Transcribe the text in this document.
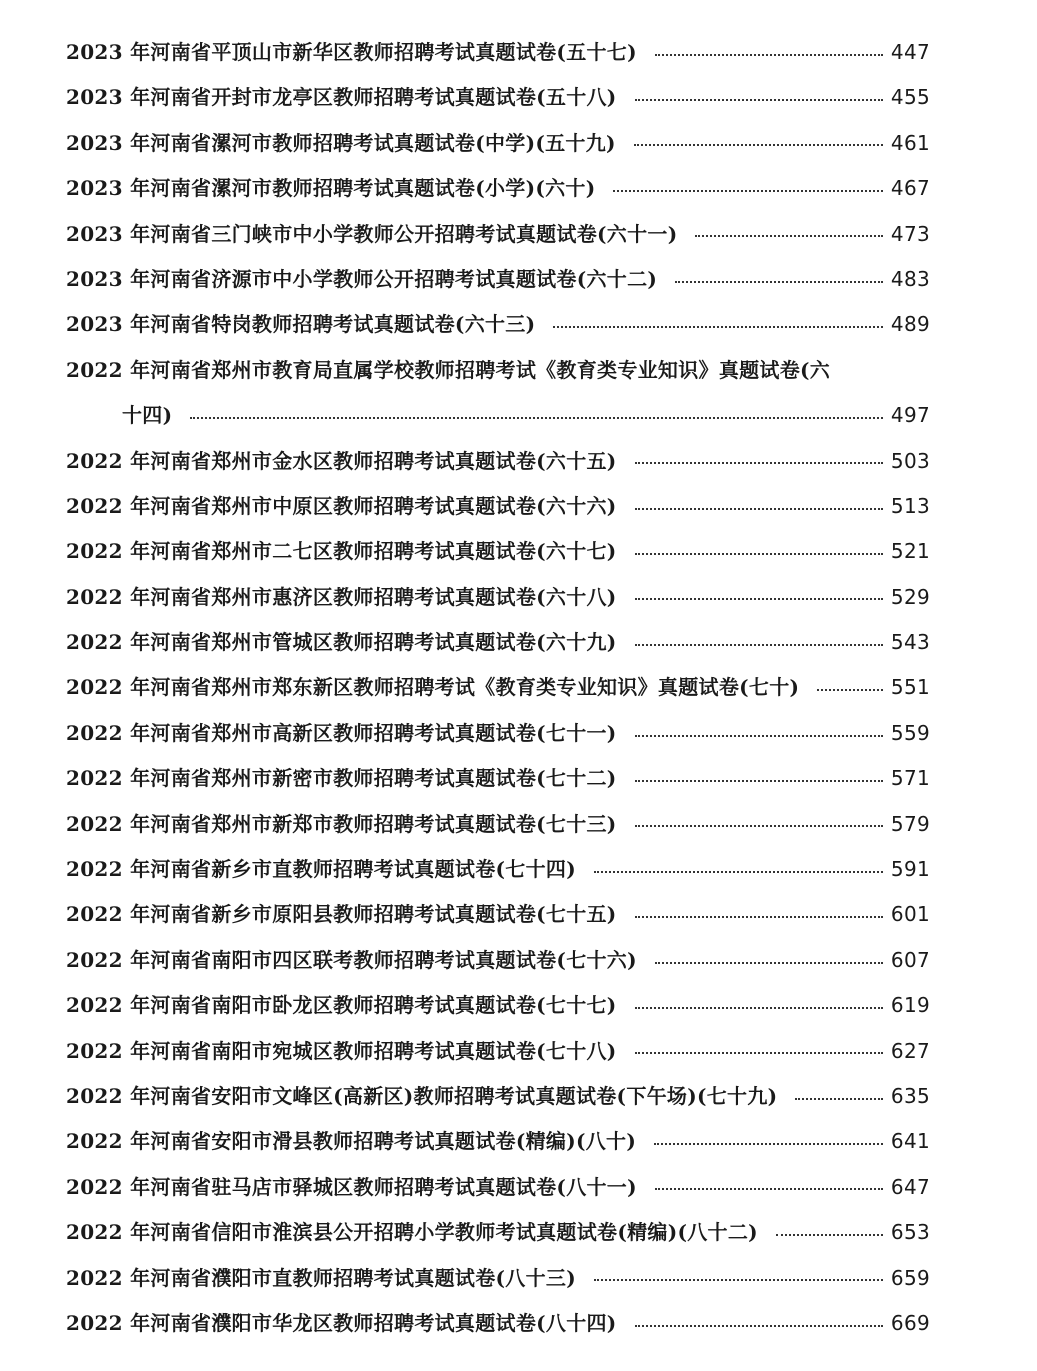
2023 年河南省平顶山市新华区教师招聘考试真题试卷(五十七)	447
2023 年河南省开封市龙亭区教师招聘考试真题试卷(五十八)	455
2023 年河南省漯河市教师招聘考试真题试卷(中学)(五十九)	461
2023 年河南省漯河市教师招聘考试真题试卷(小学)(六十)	467
2023 年河南省三门峡市中小学教师公开招聘考试真题试卷(六十一)	473
2023 年河南省济源市中小学教师公开招聘考试真题试卷(六十二)	483
2023 年河南省特岗教师招聘考试真题试卷(六十三)	489
2022 年河南省郑州市教育局直属学校教师招聘考试《教育类专业知识》真题试卷(六
十四)	497
2022 年河南省郑州市金水区教师招聘考试真题试卷(六十五)	503
2022 年河南省郑州市中原区教师招聘考试真题试卷(六十六)	513
2022 年河南省郑州市二七区教师招聘考试真题试卷(六十七)	521
2022 年河南省郑州市惠济区教师招聘考试真题试卷(六十八)	529
2022 年河南省郑州市管城区教师招聘考试真题试卷(六十九)	543
2022 年河南省郑州市郑东新区教师招聘考试《教育类专业知识》真题试卷(七十)	551
2022 年河南省郑州市高新区教师招聘考试真题试卷(七十一)	559
2022 年河南省郑州市新密市教师招聘考试真题试卷(七十二)	571
2022 年河南省郑州市新郑市教师招聘考试真题试卷(七十三)	579
2022 年河南省新乡市直教师招聘考试真题试卷(七十四)	591
2022 年河南省新乡市原阳县教师招聘考试真题试卷(七十五)	601
2022 年河南省南阳市四区联考教师招聘考试真题试卷(七十六)	607
2022 年河南省南阳市卧龙区教师招聘考试真题试卷(七十七)	619
2022 年河南省南阳市宛城区教师招聘考试真题试卷(七十八)	627
2022 年河南省安阳市文峰区(高新区)教师招聘考试真题试卷(下午场)(七十九)	635
2022 年河南省安阳市滑县教师招聘考试真题试卷(精编)(八十)	641
2022 年河南省驻马店市驿城区教师招聘考试真题试卷(八十一)	647
2022 年河南省信阳市淮滨县公开招聘小学教师考试真题试卷(精编)(八十二)	653
2022 年河南省濮阳市直教师招聘考试真题试卷(八十三)	659
2022 年河南省濮阳市华龙区教师招聘考试真题试卷(八十四)	669
